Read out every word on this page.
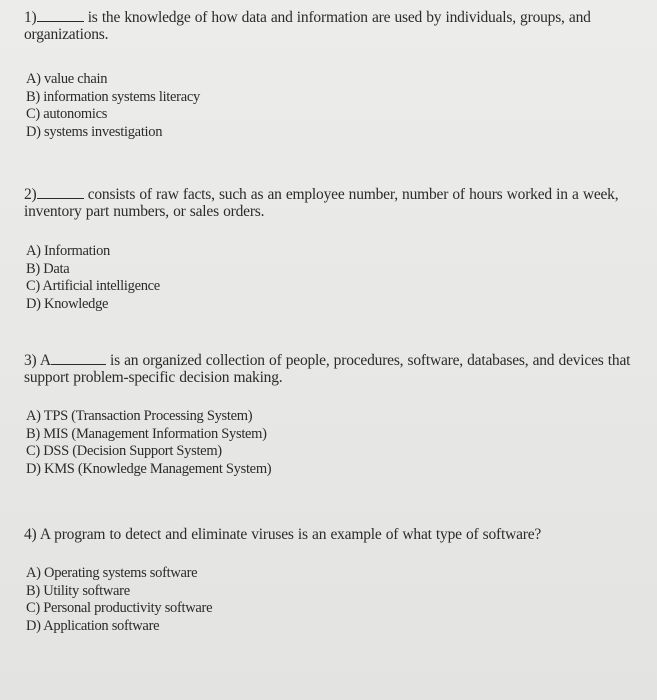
1)	is the knowledge of how data and information are used by individuals, groups, and organizations.

A) value chain
B) information systems literacy
C) autonomics
D) systems investigation

2)	consists of raw facts, such as an employee number, number of hours worked in a week, inventory part numbers, or sales orders.

A) Information
B) Data
C) Artificial intelligence
D) Knowledge

3) A	is an organized collection of people, procedures, software, databases, and devices that support problem-specific decision making.

A) TPS (Transaction Processing System)
B) MIS (Management Information System)
C) DSS (Decision Support System)
D) KMS (Knowledge Management System)

4) A program to detect and eliminate viruses is an example of what type of software?

A) Operating systems software
B) Utility software
C) Personal productivity software
D) Application software
